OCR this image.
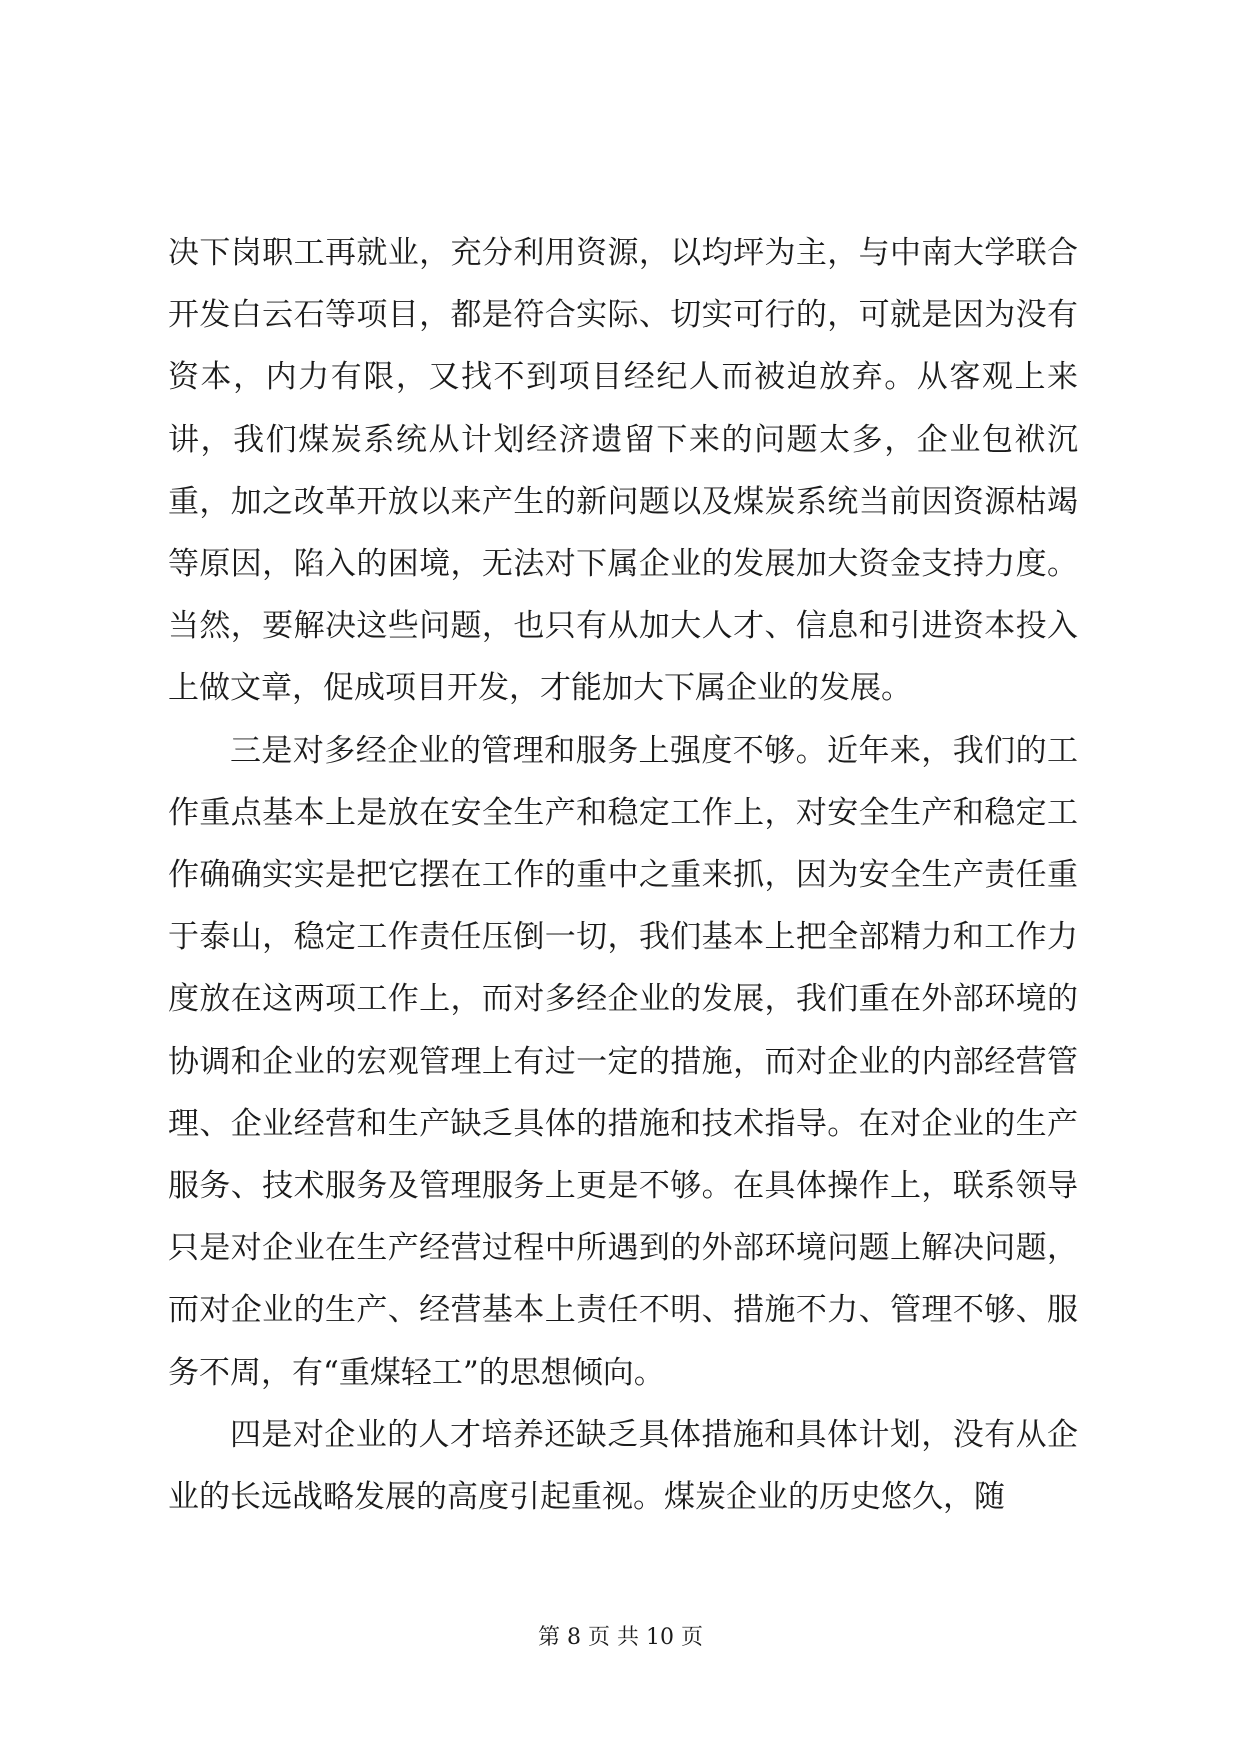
决下岗职工再就业，充分利用资源，以均坪为主，与中南大学联合开发白云石等项目，都是符合实际、切实可行的，可就是因为没有资本，内力有限，又找不到项目经纪人而被迫放弃。从客观上来讲，我们煤炭系统从计划经济遗留下来的问题太多，企业包袱沉重，加之改革开放以来产生的新问题以及煤炭系统当前因资源枯竭等原因，陷入的困境，无法对下属企业的发展加大资金支持力度。当然，要解决这些问题，也只有从加大人才、信息和引进资本投入上做文章，促成项目开发，才能加大下属企业的发展。

三是对多经企业的管理和服务上强度不够。近年来，我们的工作重点基本上是放在安全生产和稳定工作上，对安全生产和稳定工作确确实实是把它摆在工作的重中之重来抓，因为安全生产责任重于泰山，稳定工作责任压倒一切，我们基本上把全部精力和工作力度放在这两项工作上，而对多经企业的发展，我们重在外部环境的协调和企业的宏观管理上有过一定的措施，而对企业的内部经营管理、企业经营和生产缺乏具体的措施和技术指导。在对企业的生产服务、技术服务及管理服务上更是不够。在具体操作上，联系领导只是对企业在生产经营过程中所遇到的外部环境问题上解决问题，而对企业的生产、经营基本上责任不明、措施不力、管理不够、服务不周，有“重煤轻工”的思想倾向。

四是对企业的人才培养还缺乏具体措施和具体计划，没有从企业的长远战略发展的高度引起重视。煤炭企业的历史悠久，随

第 8 页 共 10 页
